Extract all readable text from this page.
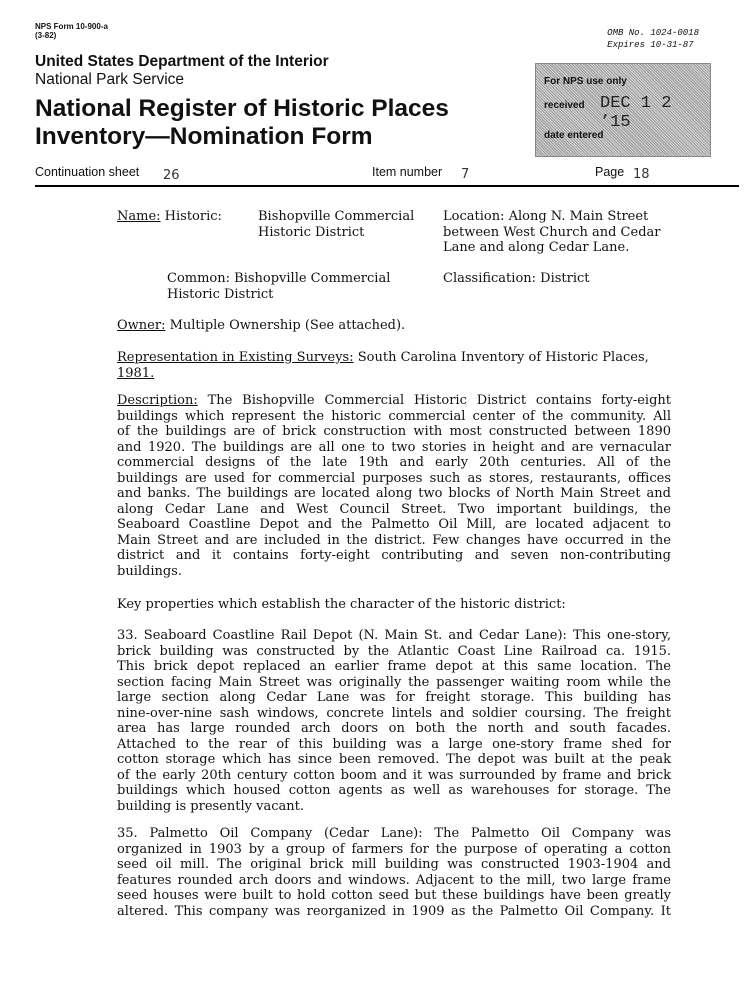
NPS Form 10-900-a
(3-82)	OMB No. 1024-0018
Expires 10-31-87
United States Department of the Interior
National Park Service
National Register of Historic Places
Inventory—Nomination Form
For NPS use only
received DEC 1 2 ’15
date entered
Continuation sheet 26	Item number 7	Page 18
Name: Historic:	Bishopville Commercial
Historic District
Location: Along N. Main Street
between West Church and Cedar
Lane and along Cedar Lane.
Common: Bishopville Commercial
Historic District
Classification: District
Owner: Multiple Ownership (See attached).
Representation in Existing Surveys: South Carolina Inventory of Historic Places,
1981.
Description: The Bishopville Commercial Historic District contains forty-eight
buildings which represent the historic commercial center of the community. All
of the buildings are of brick construction with most constructed between 1890
and 1920. The buildings are all one to two stories in height and are vernacular
commercial designs of the late 19th and early 20th centuries. All of the
buildings are used for commercial purposes such as stores, restaurants, offices
and banks. The buildings are located along two blocks of North Main Street and
along Cedar Lane and West Council Street. Two important buildings, the
Seaboard Coastline Depot and the Palmetto Oil Mill, are located adjacent to
Main Street and are included in the district. Few changes have occurred in the
district and it contains forty-eight contributing and seven non-contributing
buildings.
Key properties which establish the character of the historic district:
33. Seaboard Coastline Rail Depot (N. Main St. and Cedar Lane): This one-story,
brick building was constructed by the Atlantic Coast Line Railroad ca. 1915.
This brick depot replaced an earlier frame depot at this same location. The
section facing Main Street was originally the passenger waiting room while the
large section along Cedar Lane was for freight storage. This building has
nine-over-nine sash windows, concrete lintels and soldier coursing. The freight
area has large rounded arch doors on both the north and south facades.
Attached to the rear of this building was a large one-story frame shed for
cotton storage which has since been removed. The depot was built at the peak
of the early 20th century cotton boom and it was surrounded by frame and brick
buildings which housed cotton agents as well as warehouses for storage. The
building is presently vacant.
35. Palmetto Oil Company (Cedar Lane): The Palmetto Oil Company was
organized in 1903 by a group of farmers for the purpose of operating a cotton
seed oil mill. The original brick mill building was constructed 1903-1904 and
features rounded arch doors and windows. Adjacent to the mill, two large frame
seed houses were built to hold cotton seed but these buildings have been greatly
altered. This company was reorganized in 1909 as the Palmetto Oil Company. It
